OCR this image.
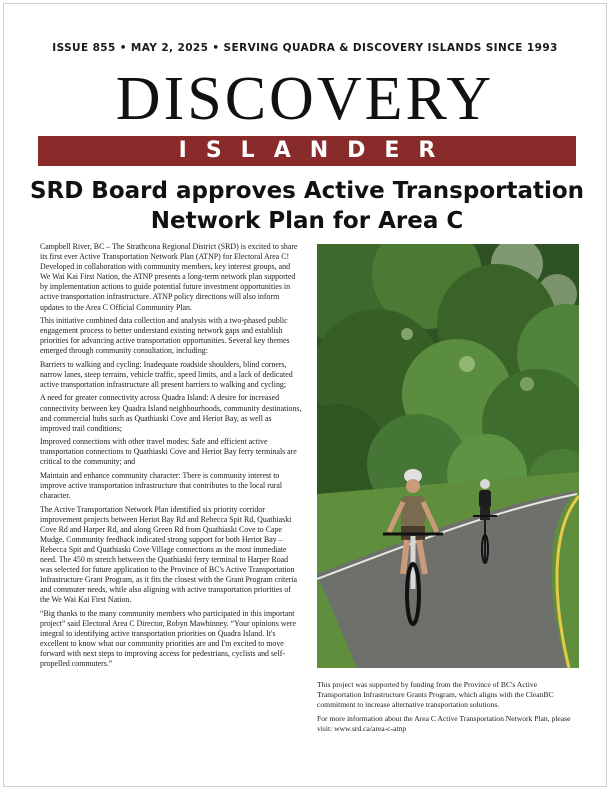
ISSUE 855 • MAY 2, 2025 • SERVING QUADRA & DISCOVERY ISLANDS SINCE 1993
DISCOVERY
ISLANDER
SRD Board approves Active Transportation
Network Plan for Area C

Campbell River, BC – The Strathcona Regional District (SRD) is excited to share its first ever Active Transportation Network Plan (ATNP) for Electoral Area C! Developed in collaboration with community members, key interest groups, and We Wai Kai First Nation, the ATNP presents a long-term network plan supported by implementation actions to guide potential future investment opportunities in active transportation infrastructure. ATNP policy directions will also inform updates to the Area C Official Community Plan.

This initiative combined data collection and analysis with a two-phased public engagement process to better understand existing network gaps and establish priorities for advancing active transportation opportunities. Several key themes emerged through community consultation, including:

Barriers to walking and cycling: Inadequate roadside shoulders, blind corners, narrow lanes, steep terrains, vehicle traffic, speed limits, and a lack of dedicated active transportation infrastructure all present barriers to walking and cycling;

A need for greater connectivity across Quadra Island: A desire for increased connectivity between key Quadra Island neighbourhoods, community destinations, and commercial hubs such as Quathiaski Cove and Heriot Bay, as well as improved trail conditions;

Improved connections with other travel modes: Safe and efficient active transportation connections to Quathiaski Cove and Heriot Bay ferry terminals are critical to the community; and

Maintain and enhance community character: There is community interest to improve active transportation infrastructure that contributes to the local rural character.

The Active Transportation Network Plan identified six priority corridor improvement projects between Heriot Bay Rd and Rebecca Spit Rd, Quathiaski Cove Rd and Harper Rd, and along Green Rd from Quathiaski Cove to Cape Mudge. Community feedback indicated strong support for both Heriot Bay – Rebecca Spit and Quathiaski Cove Village connections as the most immediate need. The 450 m stretch between the Quathiaski ferry terminal to Harper Road was selected for future application to the Province of BC's Active Transportation Infrastructure Grant Program, as it fits the closest with the Grant Program criteria and commuter needs, while also aligning with active transportation priorities of the We Wai Kai First Nation.

“Big thanks to the many community members who participated in this important project” said Electoral Area C Director, Robyn Mawhinney. “Your opinions were integral to identifying active transportation priorities on Quadra Island. It's excellent to know what our community priorities are and I'm excited to move forward with next steps to improving access for pedestrians, cyclists and self-propelled commuters.”

This project was supported by funding from the Province of BC's Active Transportation Infrastructure Grants Program, which aligns with the CleanBC commitment to increase alternative transportation solutions.

For more information about the Area C Active Transportation Network Plan, please visit: www.srd.ca/area-c-atnp
